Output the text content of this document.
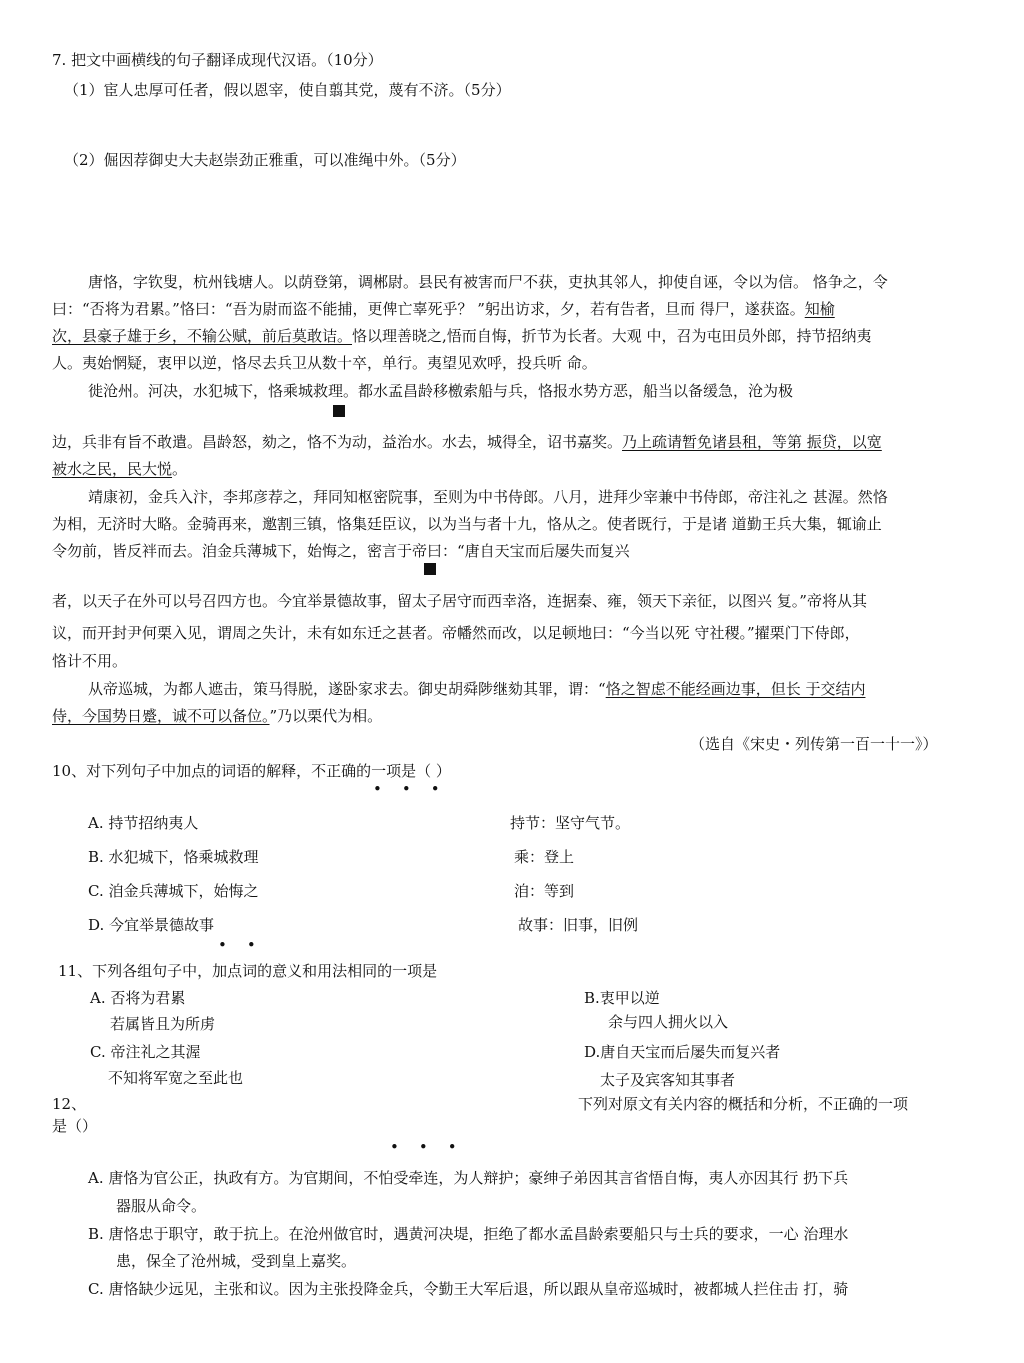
7. 把文中画横线的句子翻译成现代汉语。（10分）
（1）宦人忠厚可任者，假以恩宰，使自翦其党，蔑有不济。（5分）
（2）倔因荐御史大夫赵崇劲正雅重，可以准绳中外。（5分）
唐恪，字钦叟，杭州钱塘人。以荫登第，调郴尉。县民有被害而尸不获，吏执其邻人，抑使自诬，令以为信。 恪争之，令
曰：“否将为君累。”恪曰：“吾为尉而盗不能捕，更俾亡辜死乎？ ”躬出访求，夕，若有告者，旦而 得尸，遂获盗。知榆
次，县豪子雄于乡，不输公赋，前后莫敢诘。恪以理善晓之,悟而自悔，折节为长者。大观 中，召为屯田员外郎，持节招纳夷
人。夷始惘疑，衷甲以逆，恪尽去兵卫从数十卒，单行。夷望见欢呼，投兵听 命。
徙沧州。河决，水犯城下，恪乘城救理。都水孟昌龄移檄索船与兵，恪报水势方恶，船当以备缓急，沧为极
边，兵非有旨不敢遣。昌龄怒，劾之，恪不为动，益治水。水去，城得全，诏书嘉奖。乃上疏请暂免诸县租，等第 振贷，以宽
被水之民，民大悦。
靖康初，金兵入汴，李邦彦荐之，拜同知枢密院事，至则为中书侍郎。八月，进拜少宰兼中书侍郎，帝注礼之 甚渥。然恪
为相，无济时大略。金骑再来，邀割三镇，恪集廷臣议，以为当与者十九，恪从之。使者既行，于是诸 道勤王兵大集，辄谕止
令勿前，皆反袢而去。洎金兵薄城下，始悔之，密言于帝曰：“唐自天宝而后屡失而复兴
者，以天子在外可以号召四方也。今宜举景德故事，留太子居守而西幸洛，连据秦、雍，领天下亲征，以图兴 复。”帝将从其
议，而开封尹何栗入见，谓周之失计，未有如东迁之甚者。帝幡然而改，以足顿地曰：“今当以死 守社稷。”擢栗门下侍郎，
恪计不用。
从帝巡城，为都人遮击，策马得脱，遂卧家求去。御史胡舜陟继劾其罪，谓：“恪之智虑不能经画边事，但长 于交结内
侍，今国势日蹙，诚不可以备位。”乃以栗代为相。
（选自《宋史・列传第一百一十一》）
10、对下列句子中加点的词语的解释，不正确的一项是（ ）
•••
A. 持节招纳夷人	持节：坚守气节。
B. 水犯城下，恪乘城救理	乘：登上
C. 洎金兵薄城下，始悔之	洎：等到
D. 今宜举景德故事	故事：旧事，旧例
••
11、下列各组句子中，加点词的意义和用法相同的一项是
A. 否将为君累
若属皆且为所虏
C. 帝注礼之其渥
不知将军宽之至此也
B.衷甲以逆
余与四人拥火以入
D.唐自天宝而后屡失而复兴者
太子及宾客知其事者
12、	下列对原文有关内容的概括和分析，不正确的一项
是（）
•••
A. 唐恪为官公正，执政有方。为官期间，不怕受牵连，为人辩护；豪绅子弟因其言省悟自悔，夷人亦因其行 扔下兵
器服从命令。
B. 唐恪忠于职守，敢于抗上。在沧州做官时，遇黄河决堤，拒绝了都水孟昌龄索要船只与士兵的要求，一心 治理水
患，保全了沧州城，受到皇上嘉奖。
C. 唐恪缺少远见，主张和议。因为主张投降金兵，令勤王大军后退，所以跟从皇帝巡城时，被都城人拦住击 打，骑
